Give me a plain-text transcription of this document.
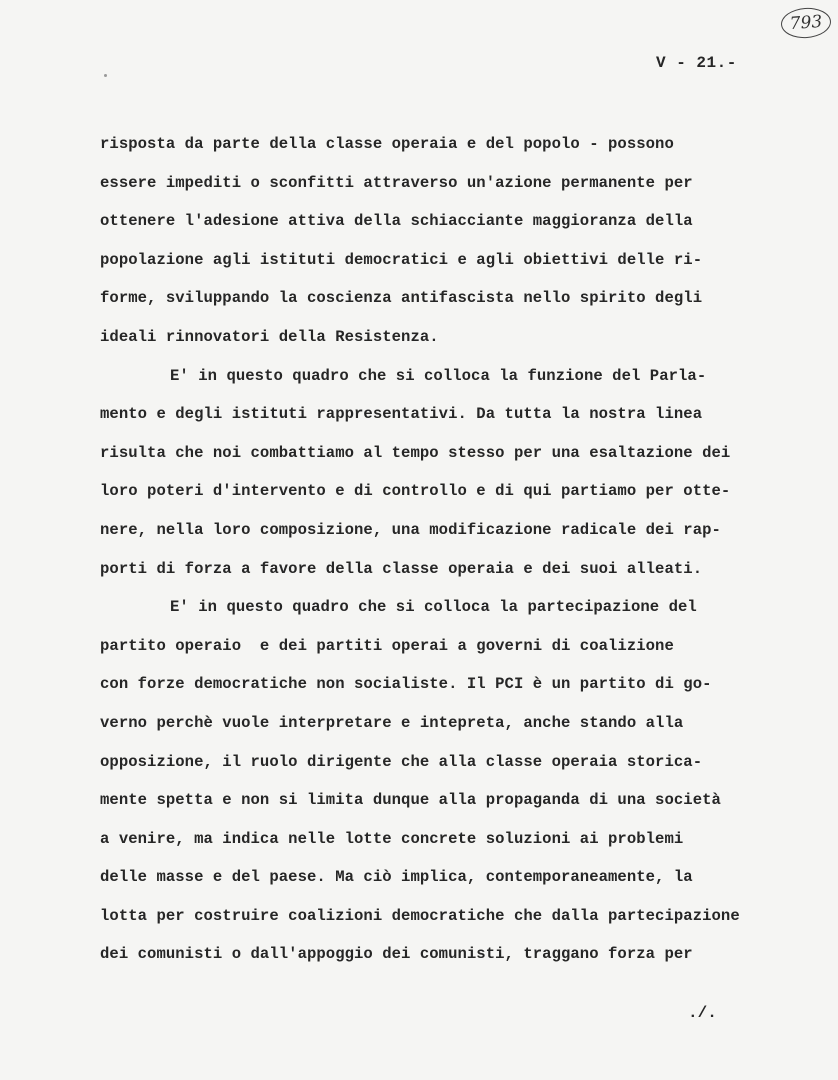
793
V - 21.-
risposta da parte della classe operaia e del popolo - possono
essere impediti o sconfitti attraverso un'azione permanente per
ottenere l'adesione attiva della schiacciante maggioranza della
popolazione agli istituti democratici e agli obiettivi delle ri-
forme, sviluppando la coscienza antifascista nello spirito degli
ideali rinnovatori della Resistenza.
E' in questo quadro che si colloca la funzione del Parla-
mento e degli istituti rappresentativi. Da tutta la nostra linea
risulta che noi combattiamo al tempo stesso per una esaltazione dei
loro poteri d'intervento e di controllo e di qui partiamo per otte-
nere, nella loro composizione, una modificazione radicale dei rap-
porti di forza a favore della classe operaia e dei suoi alleati.
E' in questo quadro che si colloca la partecipazione del
partito operaio  e dei partiti operai a governi di coalizione
con forze democratiche non socialiste. Il PCI è un partito di go-
verno perchè vuole interpretare e intepreta, anche stando alla
opposizione, il ruolo dirigente che alla classe operaia storica-
mente spetta e non si limita dunque alla propaganda di una società
a venire, ma indica nelle lotte concrete soluzioni ai problemi
delle masse e del paese. Ma ciò implica, contemporaneamente, la
lotta per costruire coalizioni democratiche che dalla partecipazione
dei comunisti o dall'appoggio dei comunisti, traggano forza per
./.
